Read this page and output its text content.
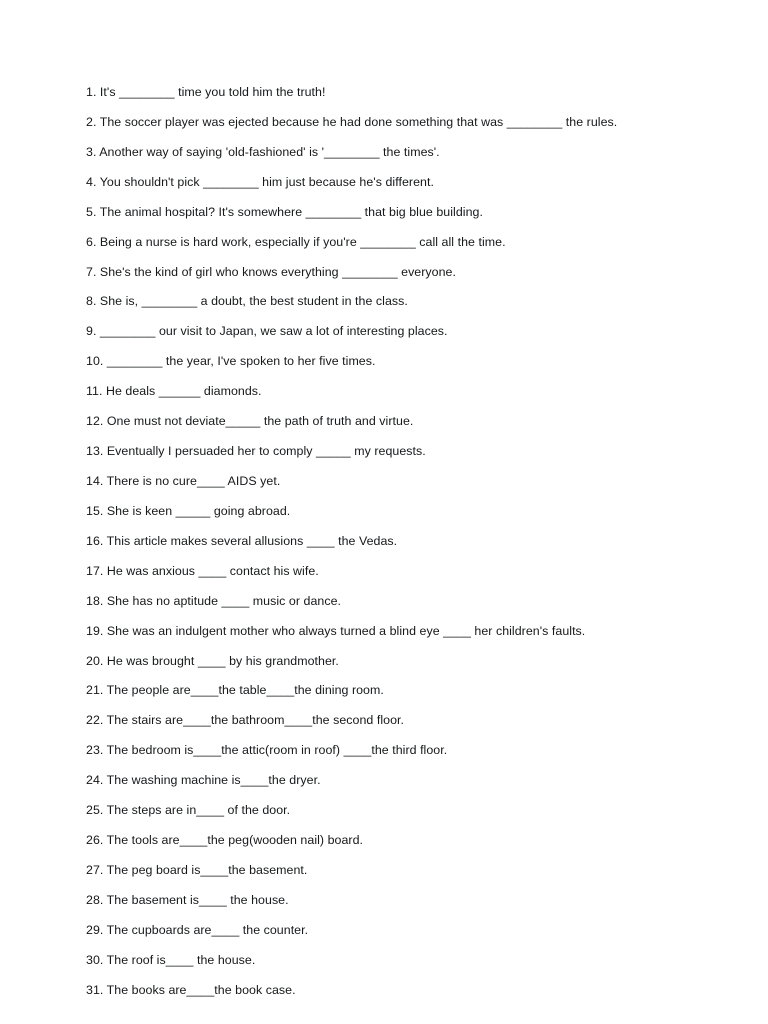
1. It's ________ time you told him the truth!
2. The soccer player was ejected because he had done something that was ________ the rules.
3. Another way of saying 'old-fashioned' is '________ the times'.
4. You shouldn't pick ________ him just because he's different.
5. The animal hospital? It's somewhere ________ that big blue building.
6. Being a nurse is hard work, especially if you're ________ call all the time.
7. She's the kind of girl who knows everything ________ everyone.
8. She is, ________ a doubt, the best student in the class.
9. ________ our visit to Japan, we saw a lot of interesting places.
10. ________ the year, I've spoken to her five times.
11. He deals ______ diamonds.
12. One must not deviate_____ the path of truth and virtue.
13. Eventually I persuaded her to comply _____ my requests.
14. There is no cure____ AIDS yet.
15. She is keen _____ going abroad.
16. This article makes several allusions ____ the Vedas.
17. He was anxious ____ contact his wife.
18. She has no aptitude ____ music or dance.
19. She was an indulgent mother who always turned a blind eye ____ her children's faults.
20. He was brought ____ by his grandmother.
21. The people are____the table____the dining room.
22. The stairs are____the bathroom____the second floor.
23. The bedroom is____the attic(room in roof) ____the third floor.
24. The washing machine is____the dryer.
25. The steps are in____ of the door.
26. The tools are____the peg(wooden nail) board.
27. The peg board is____the basement.
28. The basement is____ the house.
29. The cupboards are____ the counter.
30. The roof is____ the house.
31. The books are____the book case.
